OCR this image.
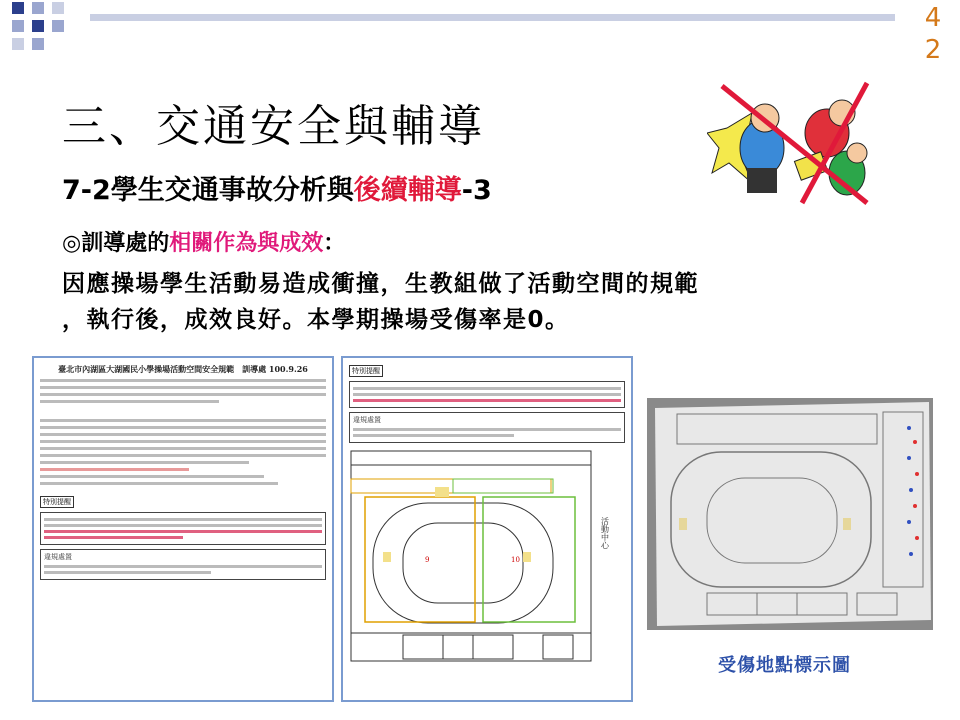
4
2
三、交通安全與輔導
7-2學生交通事故分析與後續輔導-3
◎訓導處的相關作為與成效：
因應操場學生活動易造成衝撞，生教組做了活動空間的規範
，執行後，成效良好。本學期操場受傷率是0。
臺北市內湖區大湖國民小學操場活動空間安全規範　 訓導處 100.9.26
特別提醒
違規處置
特別提醒
違規處置
9	10
活動中心
受傷地點標示圖
